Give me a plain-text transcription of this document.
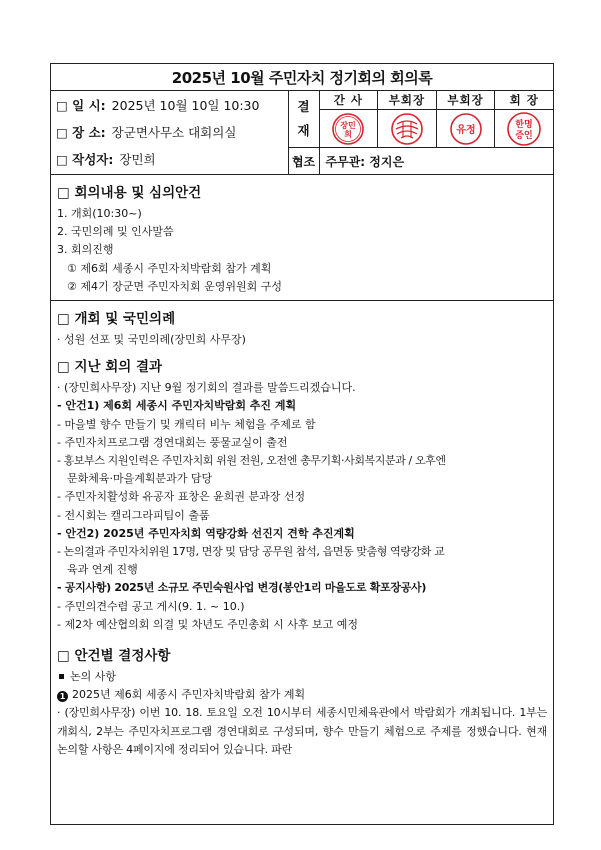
2025년 10월 주민자치 정기회의 회의록
□ 일 시: 2025년 10월 10일 10:30
□ 장 소: 장군면사무소 대회의실
□ 작성자: 장민희
결
재
간 사
장민
희
부회장	부회장
유정
회 장
한명
증인
협조 주무관: 정지은
□ 회의내용 및 심의안건
1. 개회(10:30~)
2. 국민의례 및 인사말씀
3. 회의진행
① 제6회 세종시 주민자치박람회 참가 계획
② 제4기 장군면 주민자치회 운영위원회 구성
□ 개회 및 국민의례
· 성원 선포 및 국민의례(장민희 사무장)
□ 지난 회의 결과
· (장민희사무장) 지난 9월 정기회의 결과를 말씀드리겠습니다.
- 안건1) 제6회 세종시 주민자치박람회 추진 계획
- 마을별 향수 만들기 및 캐릭터 비누 체험을 주제로 함
- 주민자치프로그램 경연대회는 풍물교실이 출전
- 홍보부스 지원인력은 주민자치회 위원 전원, 오전엔 총무기획·사회복지분과 / 오후엔
문화체육·마을계획분과가 담당
- 주민자치활성화 유공자 표창은 윤희권 분과장 선정
- 전시회는 캘리그라피팀이 출품
- 안건2) 2025년 주민자치회 역량강화 선진지 견학 추진계획
- 논의결과 주민자치위원 17명, 면장 및 담당 공무원 참석, 읍면동 맞춤형 역량강화 교
육과 연계 진행
- 공지사항) 2025년 소규모 주민숙원사업 변경(봉안1리 마을도로 확포장공사)
- 주민의견수렴 공고 게시(9. 1. ~ 10.)
- 제2차 예산협의회 의결 및 차년도 주민총회 시 사후 보고 예정
□ 안건별 결정사항
논의 사항
1 2025년 제6회 세종시 주민자치박람회 참가 계획
· (장민희사무장) 이번 10. 18. 토요일 오전 10시부터 세종시민체육관에서 박람회가 개최됩니다. 1부는 개회식, 2부는 주민자치프로그램 경연대회로 구성되며, 향수 만들기 체험으로 주제를 정했습니다. 현재 논의할 사항은 4페이지에 정리되어 있습니다. 파란
